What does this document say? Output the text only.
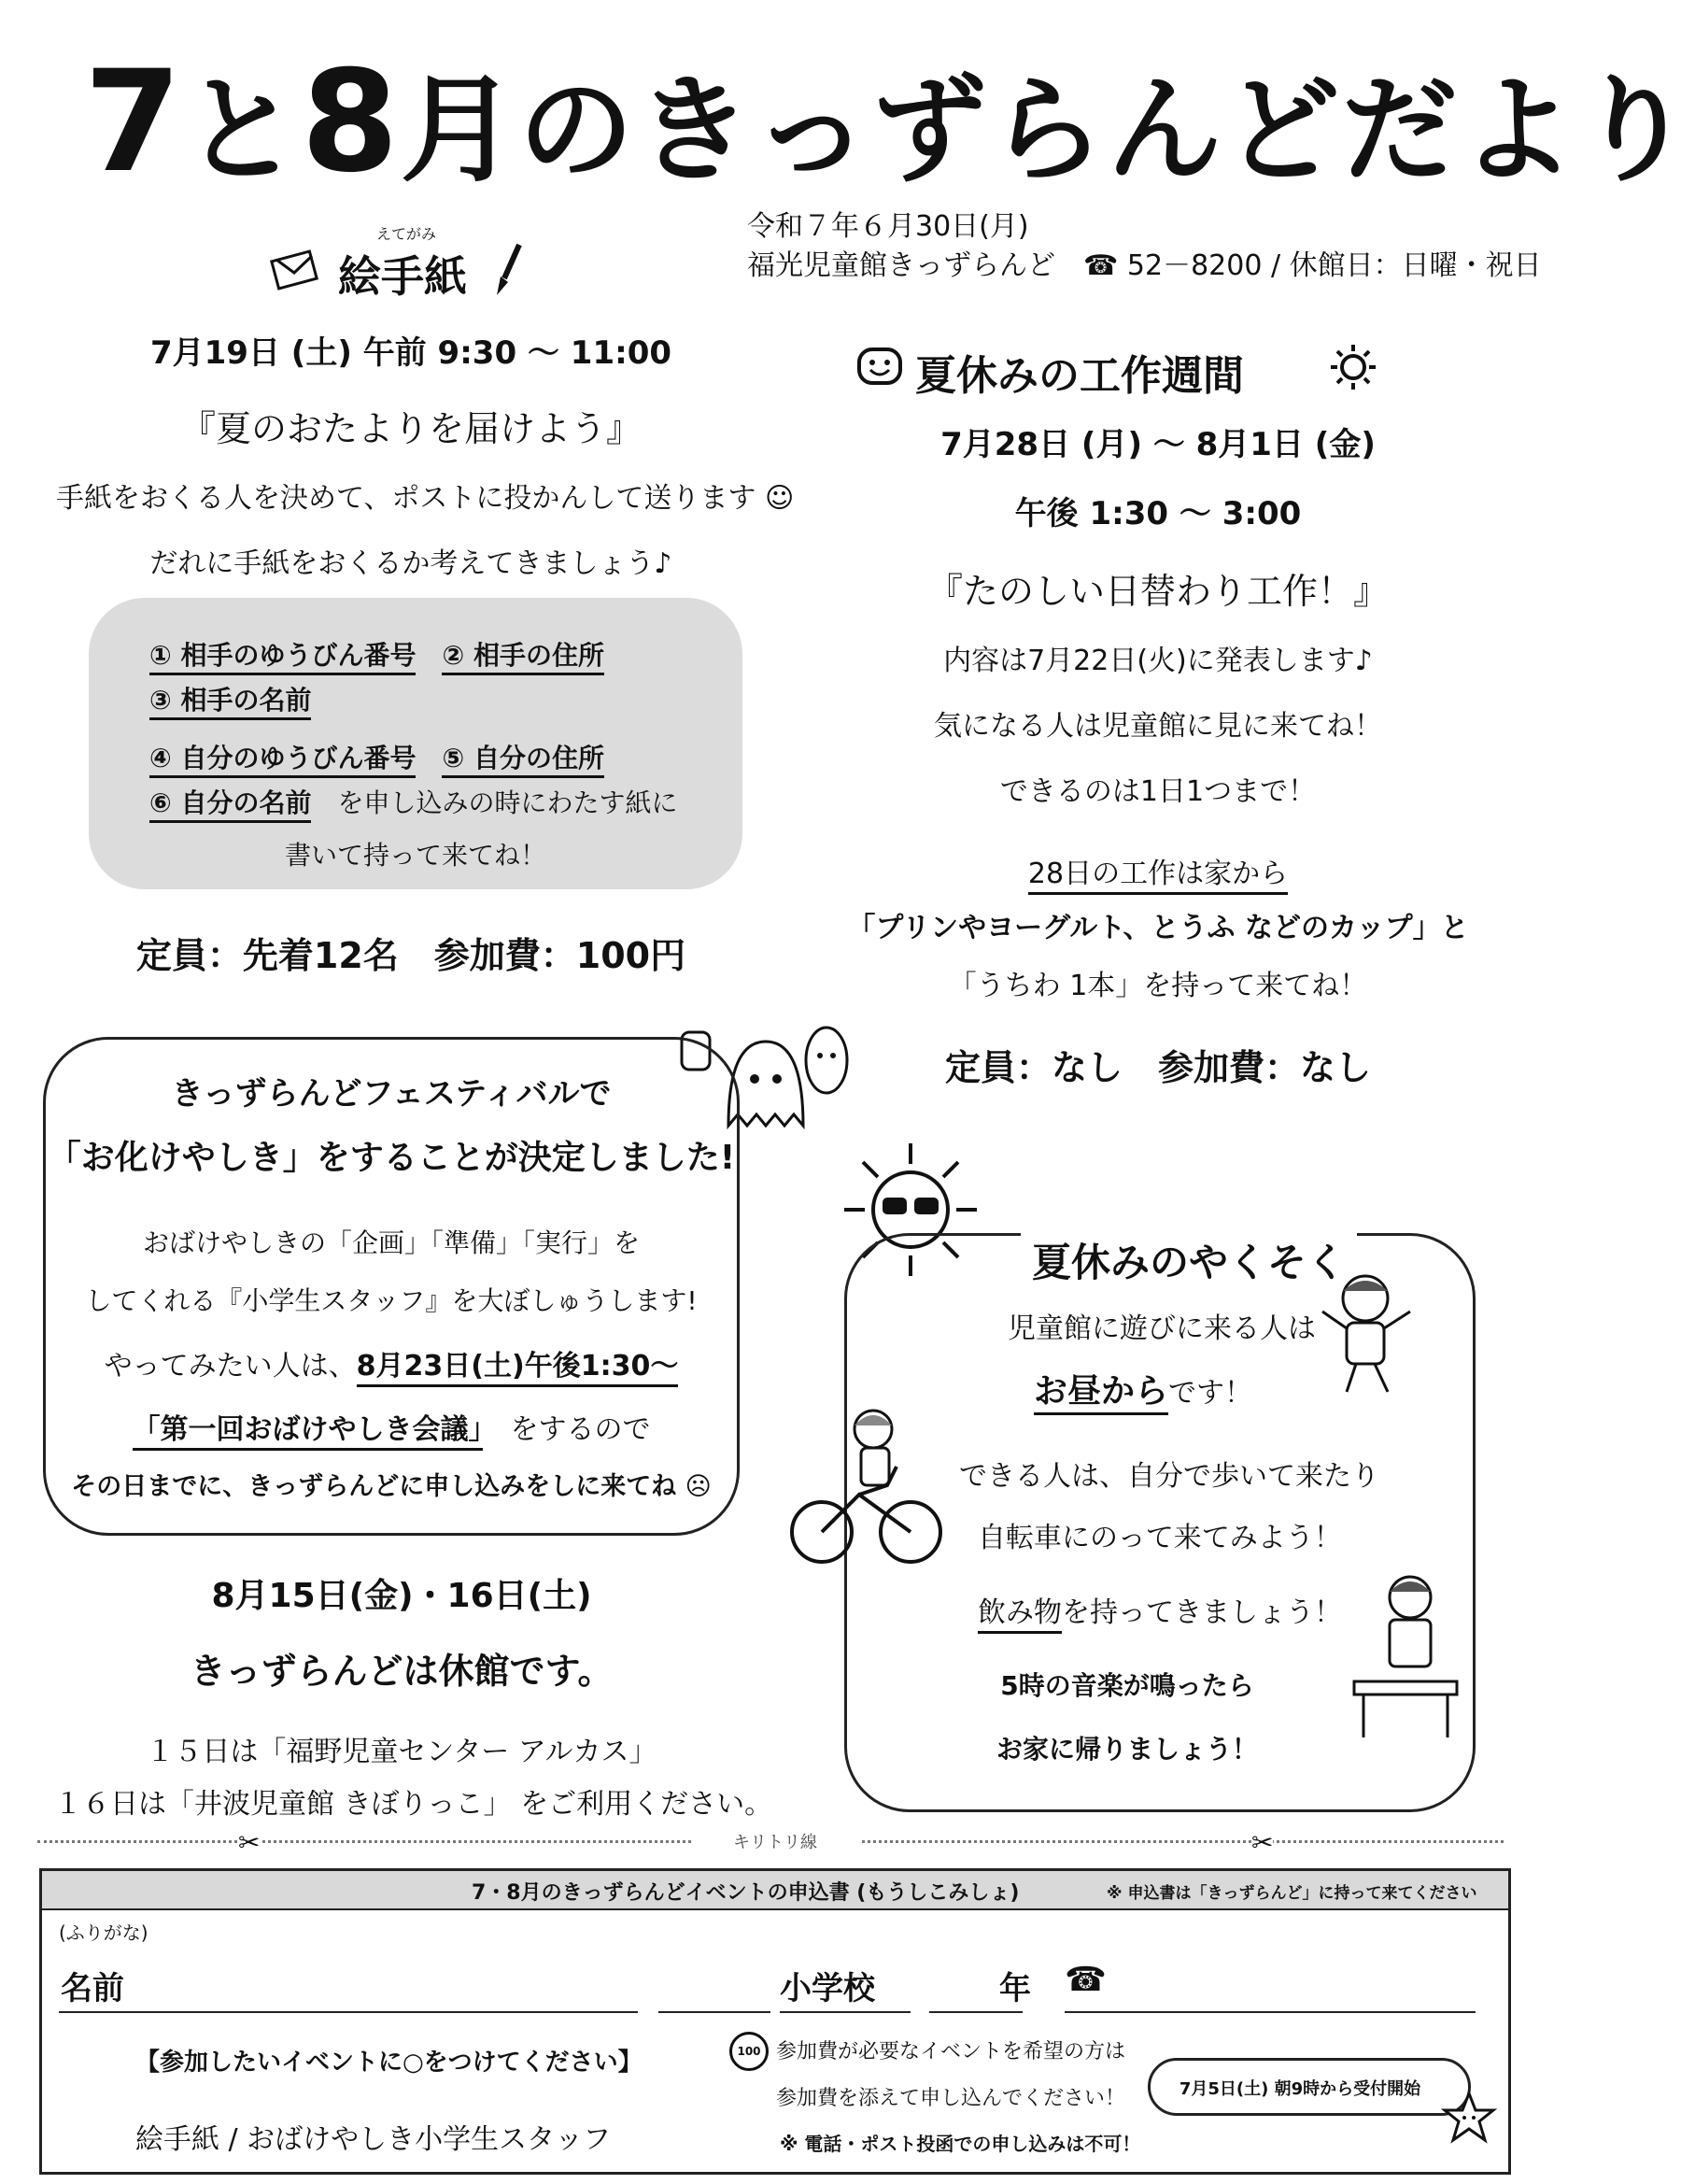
7と8月のきっずらんどだより
令和７年６月30日(月)
福光児童館きっずらんど　 ☎ 52－8200 / 休館日：日曜・祝日
えてがみ
絵手紙
7月19日 (土) 午前 9:30 ～ 11:00
『夏のおたよりを届けよう』
手紙をおくる人を決めて、ポストに投かんして送ります ☺
だれに手紙をおくるか考えてきましょう♪
① 相手のゆうびん番号　 ② 相手の住所
③ 相手の名前
④ 自分のゆうびん番号　 ⑤ 自分の住所
⑥ 自分の名前　 を申し込みの時にわたす紙に
書いて持って来てね！
定員：先着12名　参加費：100円
夏休みの工作週間
7月28日 (月) ～ 8月1日 (金)
午後 1:30 ～ 3:00
『たのしい日替わり工作！』
内容は7月22日(火)に発表します♪
気になる人は児童館に見に来てね！
できるのは1日1つまで！
28日の工作は家から
「プリンやヨーグルト、とうふ などのカップ」と
「うちわ 1本」を持って来てね！
定員：なし　参加費：なし
きっずらんどフェスティバルで
「お化けやしき」をすることが決定しました!
おばけやしきの「企画」「準備」「実行」を
してくれる『小学生スタッフ』を大ぼしゅうします!
やってみたい人は、8月23日(土)午後1:30～
「第一回おばけやしき会議」　 をするので
その日までに、きっずらんどに申し込みをしに来てね ☹
8月15日(金)・16日(土)
きっずらんどは休館です。
１５日は「福野児童センター アルカス」
１６日は「井波児童館 きぼりっこ」 をご利用ください。
夏休みのやくそく
児童館に遊びに来る人は
お昼からです！
できる人は、自分で歩いて来たり
自転車にのって来てみよう！
飲み物を持ってきましょう！
5時の音楽が鳴ったら
お家に帰りましょう！
✂	✂
キリトリ線
7・8月のきっずらんどイベントの申込書 (もうしこみしょ)	※ 申込書は「きっずらんど」に持って来てください
(ふりがな)
名前	小学校	年 ☎
【参加したいイベントに○をつけてください】
絵手紙 / おばけやしき小学生スタッフ
100 参加費が必要なイベントを希望の方は
参加費を添えて申し込んでください！
※ 電話・ポスト投函での申し込みは不可！
7月5日(土) 朝9時から受付開始
